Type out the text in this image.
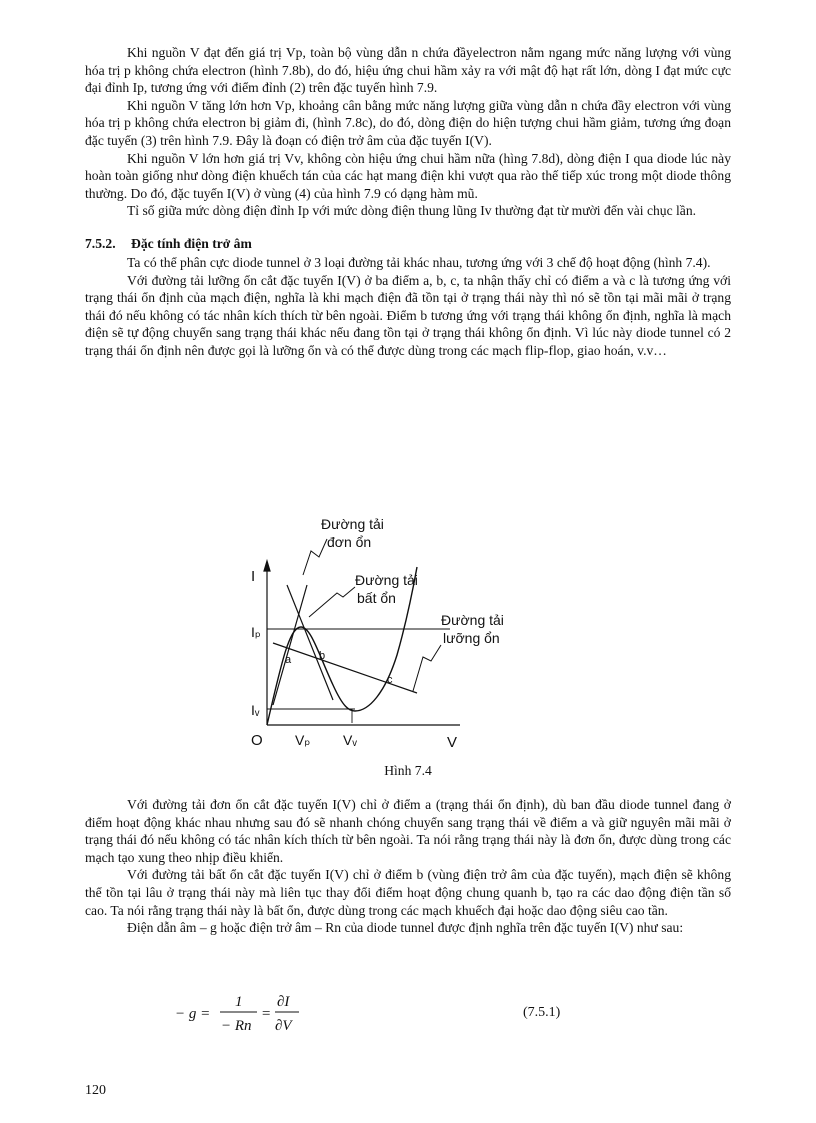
Khi nguồn V đạt đến giá trị Vp, toàn bộ vùng dẫn n chứa đầyelectron nằm ngang mức năng lượng với vùng hóa trị p không chứa electron (hình 7.8b), do đó, hiệu ứng chui hầm xảy ra với mật độ hạt rất lớn, dòng I đạt mức cực đại đỉnh Ip, tương ứng với điểm đỉnh (2) trên đặc tuyến hình 7.9.

Khi nguồn V tăng lớn hơn Vp, khoảng cân bằng mức năng lượng giữa vùng dẫn n chứa đầy electron với vùng hóa trị p không chứa electron bị giảm đi, (hình 7.8c), do đó, dòng điện do hiện tượng chui hầm giảm, tương ứng đoạn đặc tuyến (3) trên hình 7.9. Đây là đoạn có điện trở âm của đặc tuyến I(V).

Khi nguồn V lớn hơn giá trị Vv, không còn hiệu ứng chui hầm nữa (hìng 7.8d), dòng điện I qua diode lúc này hoàn toàn giống như dòng điện khuếch tán của các hạt mang điện khi vượt qua rào thế tiếp xúc trong một diode thông thường. Do đó, đặc tuyến I(V) ở vùng (4) của hình 7.9 có dạng hàm mũ.

Tỉ số giữa mức dòng điện đỉnh Ip với mức dòng điện thung lũng Iv thường đạt từ mười đến vài chục lần.

7.5.2. Đặc tính điện trở âm

Ta có thể phân cực diode tunnel ở 3 loại đường tải khác nhau, tương ứng với 3 chế độ hoạt động (hình 7.4).

Với đường tải lưỡng ổn cắt đặc tuyến I(V) ở ba điểm a, b, c, ta nhận thấy chỉ có điểm a và c là tương ứng với trạng thái ổn định của mạch điện, nghĩa là khi mạch điện đã tồn tại ở trạng thái này thì nó sẽ tồn tại mãi mãi ở trạng thái đó nếu không có tác nhân kích thích từ bên ngoài. Điểm b tương ứng với trạng thái không ổn định, nghĩa là mạch điện sẽ tự động chuyển sang trạng thái khác nếu đang tồn tại ở trạng thái không ổn định. Vì lúc này diode tunnel có 2 trạng thái ổn định nên được gọi là lưỡng ổn và có thể được dùng trong các mạch flip-flop, giao hoán, v.v…

Đường tải
đơn ổn
Đường tải
bất ổn
Đường tải
lưỡng ổn
I
Iₚ
Iᵥ
O Vₚ Vᵥ	V
a	b
c
Hình 7.4

Với đường tải đơn ổn cắt đặc tuyến I(V) chỉ ở điểm a (trạng thái ổn định), dù ban đầu diode tunnel đang ở điểm hoạt động khác nhau nhưng sau đó sẽ nhanh chóng chuyển sang trạng thái về điểm a và giữ nguyên mãi mãi ở trạng thái đó nếu không có tác nhân kích thích từ bên ngoài. Ta nói rằng trạng thái này là đơn ổn, được dùng trong các mạch tạo xung theo nhịp điều khiển.

Với đường tải bất ổn cắt đặc tuyến I(V) chỉ ở điểm b (vùng điện trở âm của đặc tuyến), mạch điện sẽ không thể tồn tại lâu ở trạng thái này mà liên tục thay đổi điểm hoạt động chung quanh b, tạo ra các dao động điện tần số cao. Ta nói rằng trạng thái này là bất ổn, được dùng trong các mạch khuếch đại hoặc dao động siêu cao tần.

Điện dẫn âm – g hoặc điện trở âm – Rn của diode tunnel được định nghĩa trên đặc tuyến I(V) như sau:

− g =
1
− Rn
=
∂I
∂V
(7.5.1)
120
